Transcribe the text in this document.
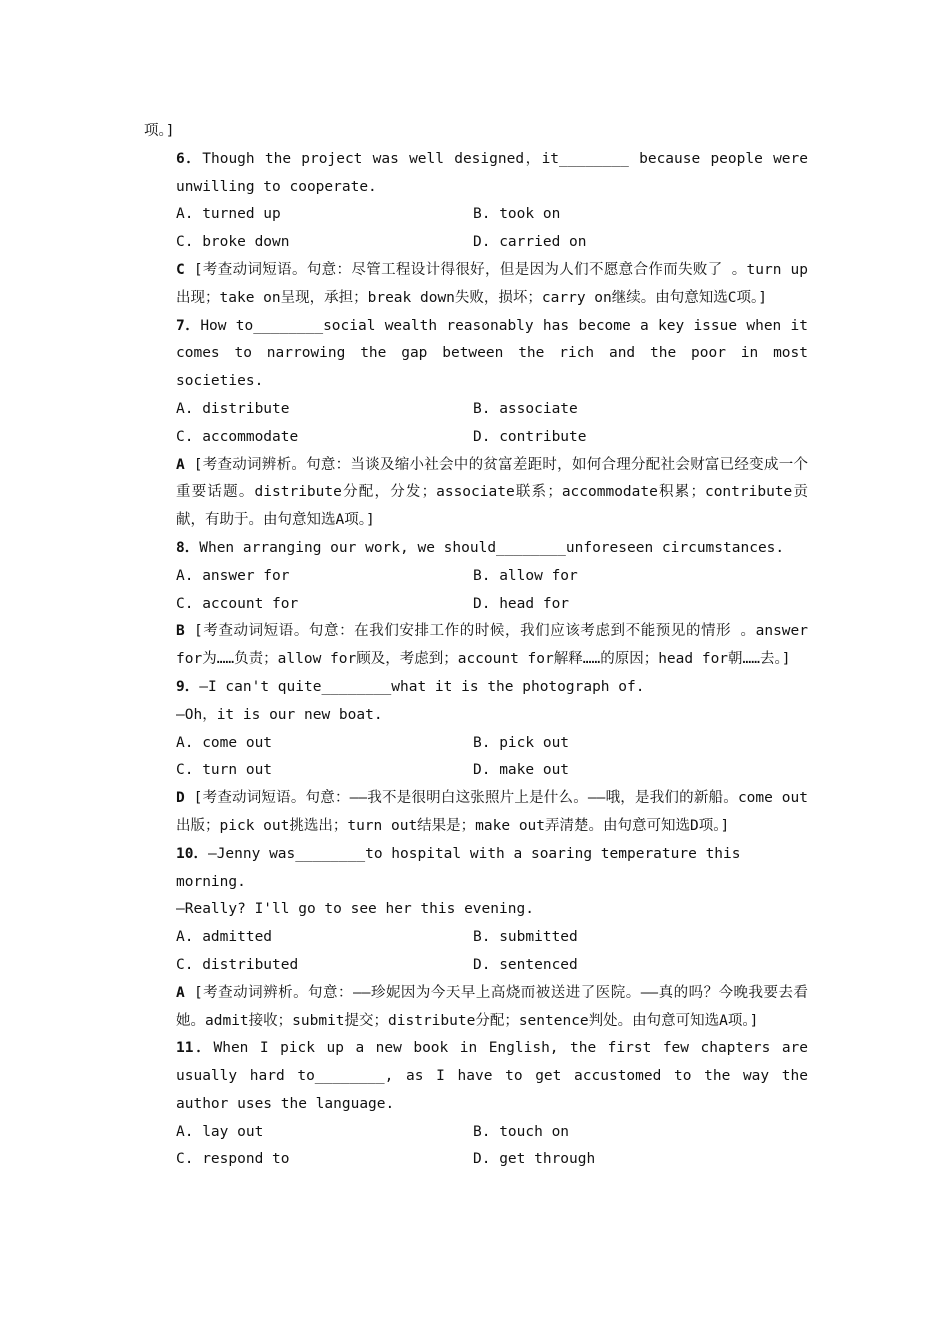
项。]
6．Though the project was well designed，it________ because people were unwilling to cooperate.
A. turned up	B. took on
C. broke down	D. carried on
C [考查动词短语。句意：尽管工程设计得很好，但是因为人们不愿意合作而失败了 。turn up出现；take on呈现，承担；break down失败，损坏；carry on继续。由句意知选C项。]
7．How to________social wealth reasonably has become a key issue when it comes to narrowing the gap between the rich and the poor in most societies.
A. distribute	B. associate
C. accommodate	D. contribute
A [考查动词辨析。句意：当谈及缩小社会中的贫富差距时，如何合理分配社会财富已经变成一个重要话题。distribute分配，分发；associate联系；accommodate积累；contribute贡献，有助于。由句意知选A项。]
8．When arranging our work, we should________unforeseen circumstances.
A. answer for	B. allow for
C. account for	D. head for
B [考查动词短语。句意：在我们安排工作的时候，我们应该考虑到不能预见的情形 。answer for为……负责；allow for顾及，考虑到；account for解释……的原因；head for朝……去。]
9．—I can't quite________what it is the photograph of.
—Oh，it is our new boat.
A. come out	B. pick out
C. turn out	D. make out
D [考查动词短语。句意：——我不是很明白这张照片上是什么。——哦，是我们的新船。come out出版；pick out挑选出；turn out结果是；make out弄清楚。由句意可知选D项。]
10．—Jenny was________to hospital with a soaring temperature this morning.
—Really? I'll go to see her this evening.
A. admitted	B. submitted
C. distributed	D. sentenced
A [考查动词辨析。句意：——珍妮因为今天早上高烧而被送进了医院。——真的吗？今晚我要去看她。admit接收；submit提交；distribute分配；sentence判处。由句意可知选A项。]
11．When I pick up a new book in English, the first few chapters are usually hard to________, as I have to get accustomed to the way the author uses the language.
A. lay out	B. touch on
C. respond to	D. get through
